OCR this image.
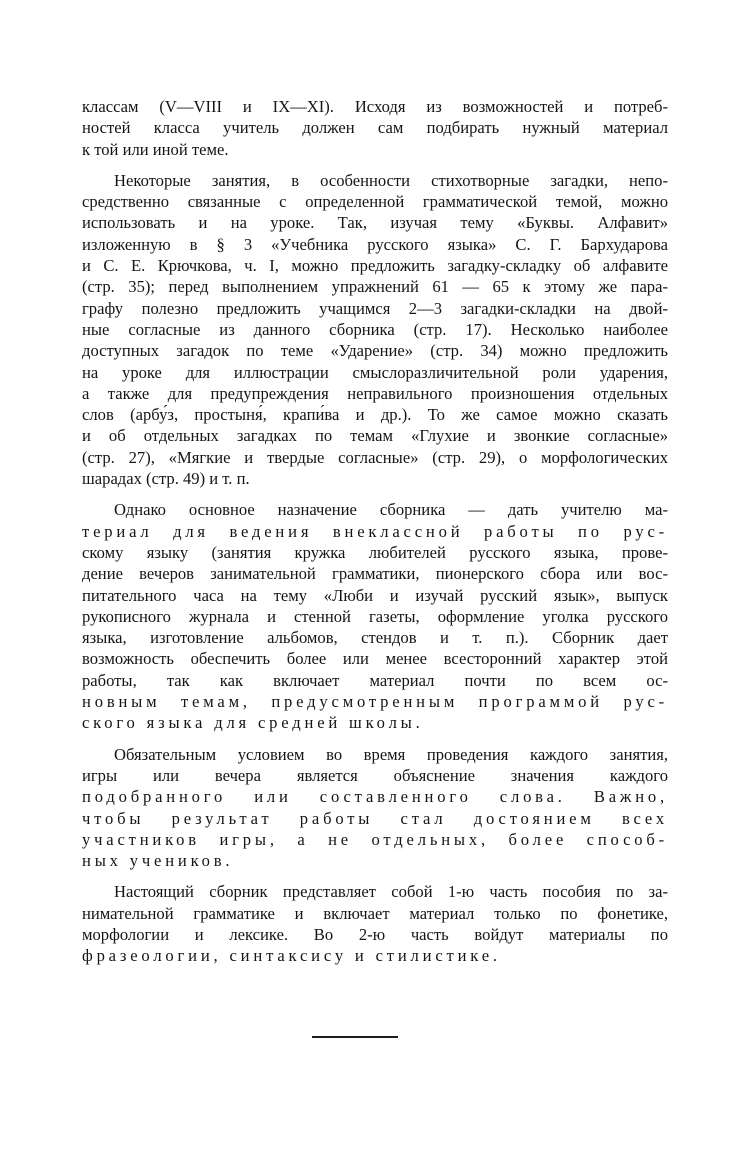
классам (V—VIII и IX—XI). Исходя из возможностей и потреб-
ностей класса учитель должен сам подбирать нужный материал
к той или иной теме.

Некоторые занятия, в особенности стихотворные загадки, непо-
средственно связанные с определенной грамматической темой, можно
использовать и на уроке. Так, изучая тему «Буквы. Алфавит»
изложенную в § 3 «Учебника русского языка» С. Г. Бархударова
и С. Е. Крючкова, ч. I, можно предложить загадку-складку об алфавите
(стр. 35); перед выполнением упражнений 61 — 65 к этому же пара-
графу полезно предложить учащимся 2—3 загадки-складки на двой-
ные согласные из данного сборника (стр. 17). Несколько наиболее
доступных загадок по теме «Ударение» (стр. 34) можно предложить
на уроке для иллюстрации смыслоразличительной роли ударения,
а также для предупреждения неправильного произношения отдельных
слов (арбу́з, простыня́, крапи́ва и др.). То же самое можно сказать
и об отдельных загадках по темам «Глухие и звонкие согласные»
(стр. 27), «Мягкие и твердые согласные» (стр. 29), о морфологических
шарадах (стр. 49) и т. п.

Однако основное назначение сборника — дать учителю ма-
териал для ведения внеклассной работы по рус-
скому языку (занятия кружка любителей русского языка, прове-
дение вечеров занимательной грамматики, пионерского сбора или вос-
питательного часа на тему «Люби и изучай русский язык», выпуск
рукописного журнала и стенной газеты, оформление уголка русского
языка, изготовление альбомов, стендов и т. п.). Сборник дает
возможность обеспечить более или менее всесторонний характер этой
работы, так как включает материал почти по всем ос-
новным темам, предусмотренным программой рус-
ского языка для средней школы.

Обязательным условием во время проведения каждого занятия,
игры или вечера является объяснение значения каждого
подобранного или составленного слова. Важно,
чтобы результат работы стал достоянием всех
участников игры, а не отдельных, более способ-
ных учеников.

Настоящий сборник представляет собой 1-ю часть пособия по за-
нимательной грамматике и включает материал только по фонетике,
морфологии и лексике. Во 2-ю часть войдут материалы по
фразеологии, синтаксису и стилистике.
